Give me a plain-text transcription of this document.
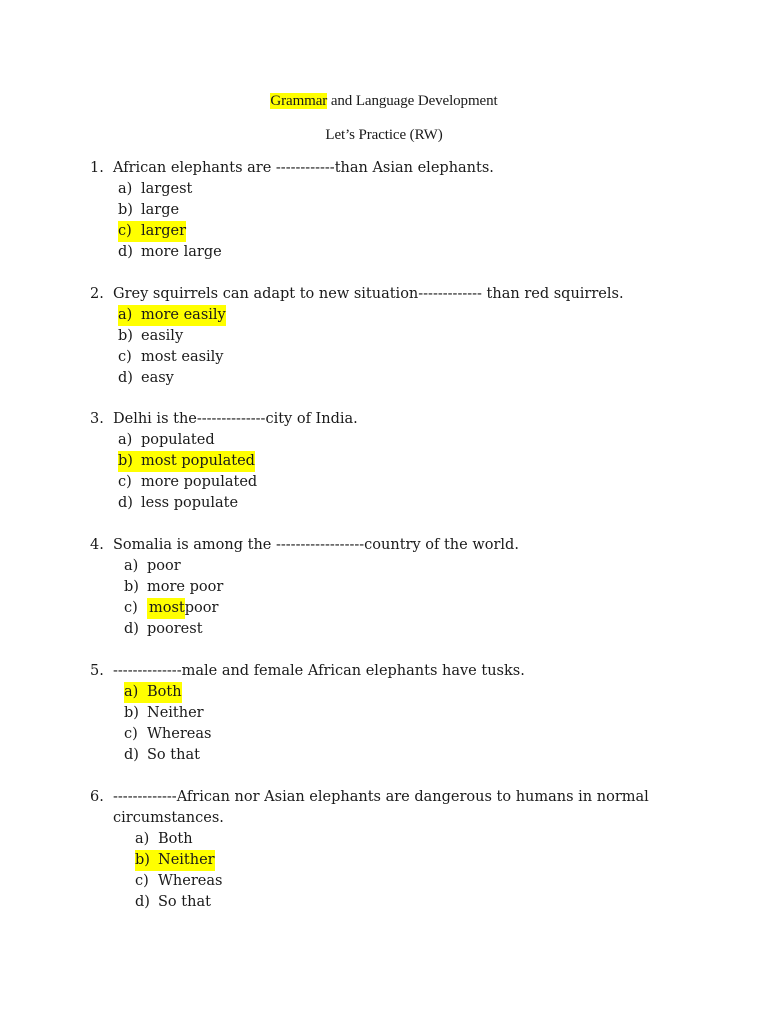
Grammar and Language Development
Let’s Practice (RW)
1. African elephants are ------------than Asian elephants.
a) largest
b) large
c) larger
d) more large
2. Grey squirrels can adapt to new situation------------- than red squirrels.
a) more easily
b) easily
c) most easily
d) easy
3. Delhi is the--------------city of India.
a) populated
b) most populated
c) more populated
d) less populate
4. Somalia is among the ------------------country of the world.
a) poor
b) more poor
c) most poor
d) poorest
5. --------------male and female African elephants have tusks.
a) Both
b) Neither
c) Whereas
d) So that
6. -------------African nor Asian elephants are dangerous to humans in normal circumstances.
a) Both
b) Neither
c) Whereas
d) So that
